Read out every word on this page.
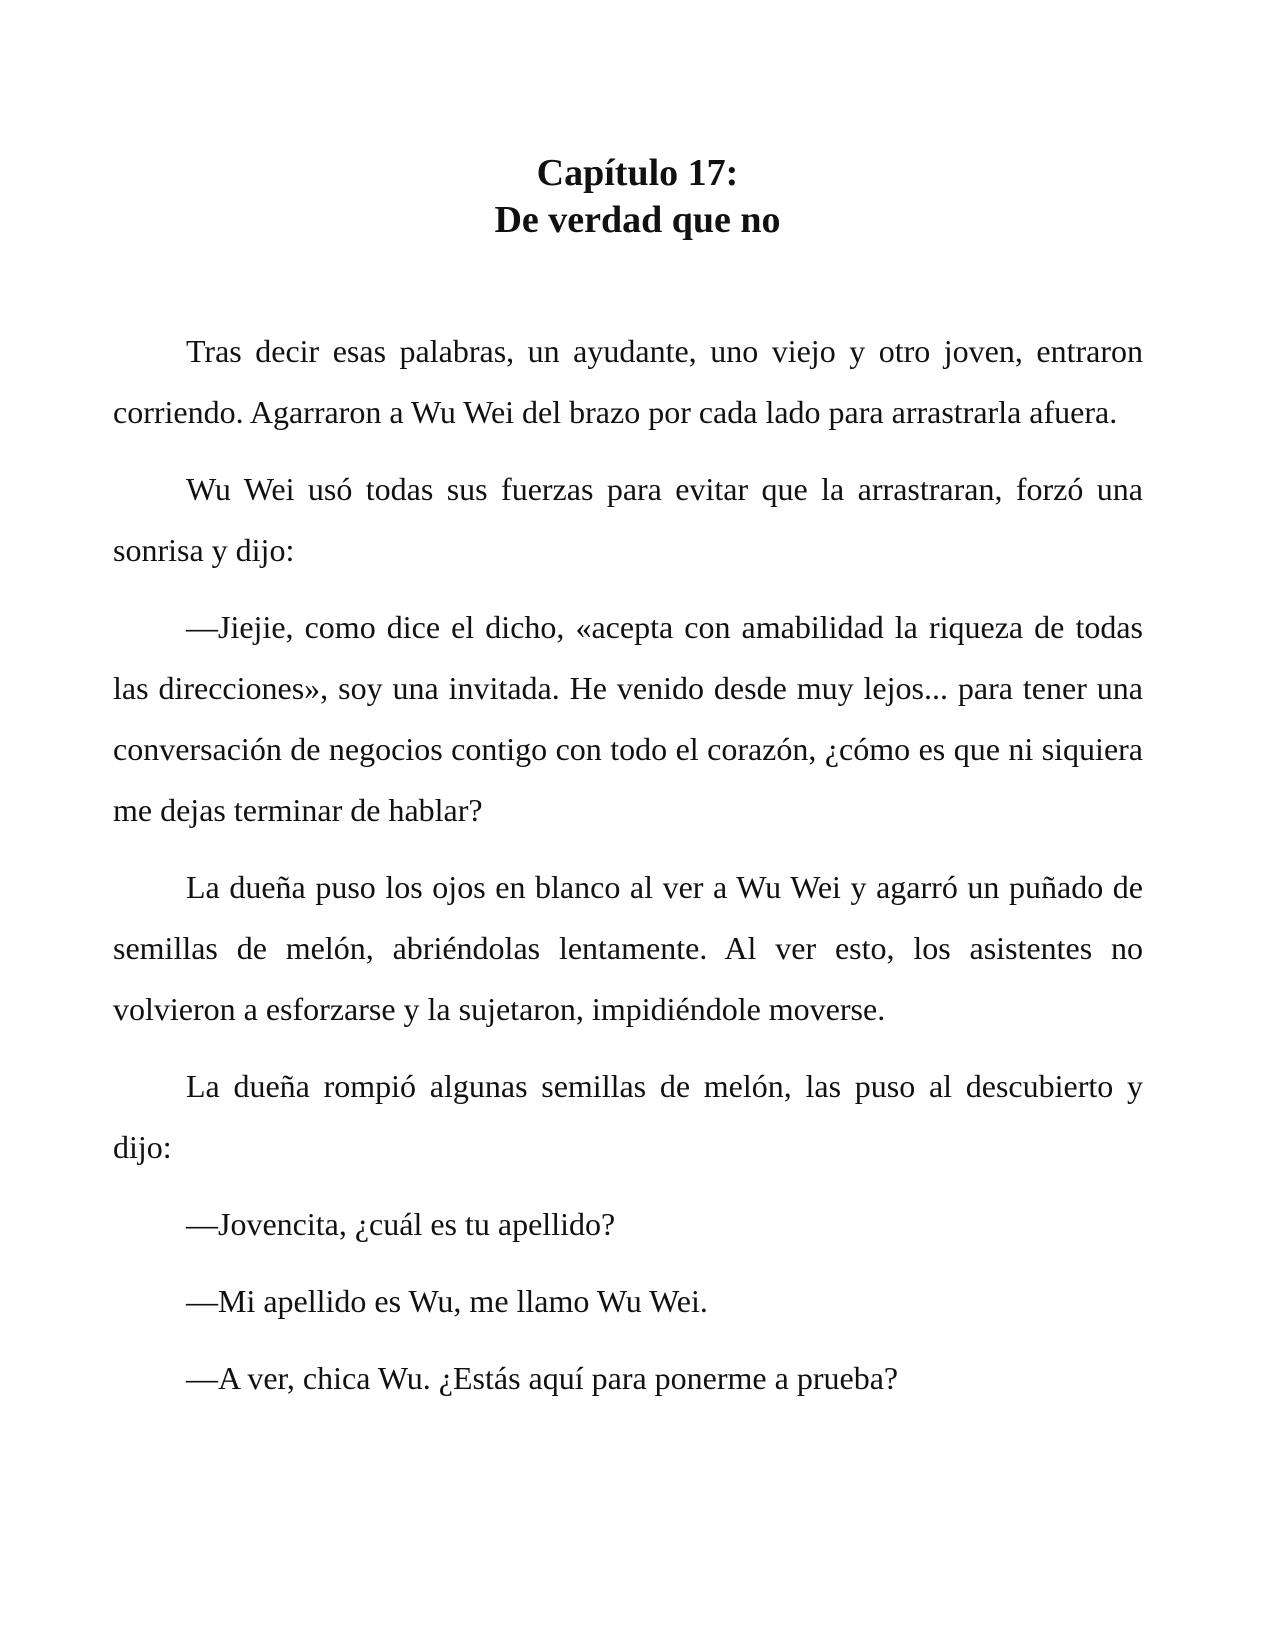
Capítulo 17:
De verdad que no

Tras decir esas palabras, un ayudante, uno viejo y otro joven, entraron corriendo. Agarraron a Wu Wei del brazo por cada lado para arrastrarla afuera.

Wu Wei usó todas sus fuerzas para evitar que la arrastraran, forzó una sonrisa y dijo:

—Jiejie, como dice el dicho, «acepta con amabilidad la riqueza de todas las direcciones», soy una invitada. He venido desde muy lejos... para tener una conversación de negocios contigo con todo el corazón, ¿cómo es que ni siquiera me dejas terminar de hablar?

La dueña puso los ojos en blanco al ver a Wu Wei y agarró un puñado de semillas de melón, abriéndolas lentamente. Al ver esto, los asistentes no volvieron a esforzarse y la sujetaron, impidiéndole moverse.

La dueña rompió algunas semillas de melón, las puso al descubierto y dijo:

—Jovencita, ¿cuál es tu apellido?

—Mi apellido es Wu, me llamo Wu Wei.

—A ver, chica Wu. ¿Estás aquí para ponerme a prueba?
